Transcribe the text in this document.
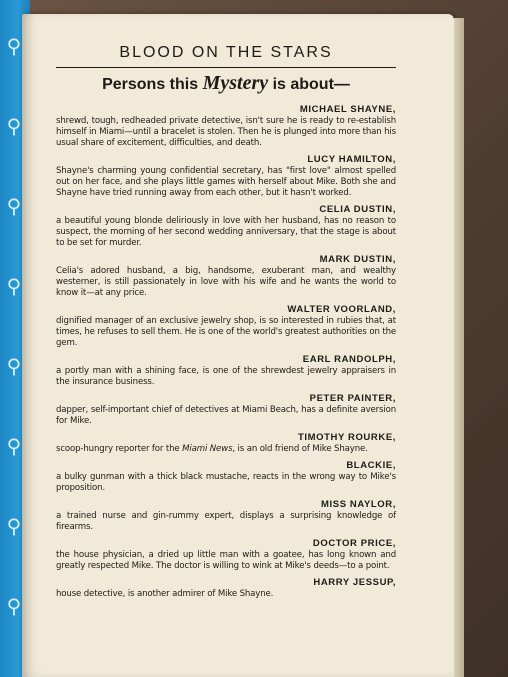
⚲
⚲
⚲
⚲
⚲
⚲
⚲
⚲
BLOOD ON THE STARS
Persons this Mystery is about—
MICHAEL SHAYNE,
shrewd, tough, redheaded private detective, isn't sure he is ready to re-establish himself in Miami—until a bracelet is stolen. Then he is plunged into more than his usual share of excitement, difficulties, and death.
LUCY HAMILTON,
Shayne's charming young confidential secretary, has "first love" almost spelled out on her face, and she plays little games with herself about Mike. Both she and Shayne have tried running away from each other, but it hasn't worked.
CELIA DUSTIN,
a beautiful young blonde deliriously in love with her husband, has no reason to suspect, the morning of her second wedding anniversary, that the stage is about to be set for murder.
MARK DUSTIN,
Celia's adored husband, a big, handsome, exuberant man, and wealthy westerner, is still passionately in love with his wife and he wants the world to know it—at any price.
WALTER VOORLAND,
dignified manager of an exclusive jewelry shop, is so interested in rubies that, at times, he refuses to sell them. He is one of the world's greatest authorities on the gem.
EARL RANDOLPH,
a portly man with a shining face, is one of the shrewdest jewelry appraisers in the insurance business.
PETER PAINTER,
dapper, self-important chief of detectives at Miami Beach, has a definite aversion for Mike.
TIMOTHY ROURKE,
scoop-hungry reporter for the Miami News, is an old friend of Mike Shayne.
BLACKIE,
a bulky gunman with a thick black mustache, reacts in the wrong way to Mike's proposition.
MISS NAYLOR,
a trained nurse and gin-rummy expert, displays a surprising knowledge of firearms.
DOCTOR PRICE,
the house physician, a dried up little man with a goatee, has long known and greatly respected Mike. The doctor is willing to wink at Mike's deeds—to a point.
HARRY JESSUP,
house detective, is another admirer of Mike Shayne.
